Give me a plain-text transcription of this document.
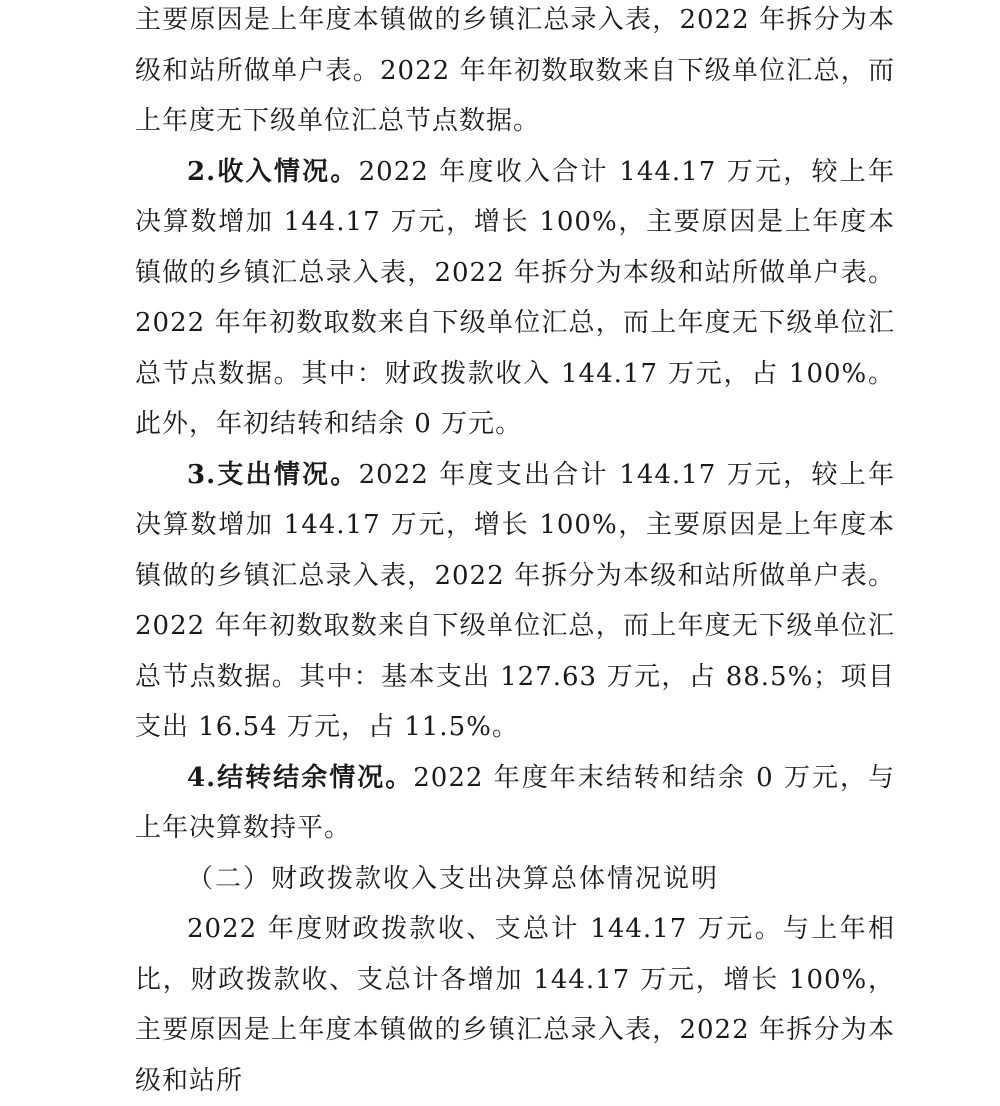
主要原因是上年度本镇做的乡镇汇总录入表，2022 年拆分为本级和站所做单户表。2022 年年初数取数来自下级单位汇总，而上年度无下级单位汇总节点数据。

2.收入情况。2022 年度收入合计 144.17 万元，较上年决算数增加 144.17 万元，增长 100%，主要原因是上年度本镇做的乡镇汇总录入表，2022 年拆分为本级和站所做单户表。2022 年年初数取数来自下级单位汇总，而上年度无下级单位汇总节点数据。其中：财政拨款收入 144.17 万元，占 100%。此外，年初结转和结余 0 万元。

3.支出情况。2022 年度支出合计 144.17 万元，较上年决算数增加 144.17 万元，增长 100%，主要原因是上年度本镇做的乡镇汇总录入表，2022 年拆分为本级和站所做单户表。2022 年年初数取数来自下级单位汇总，而上年度无下级单位汇总节点数据。其中：基本支出 127.63 万元，占 88.5%；项目支出 16.54 万元，占 11.5%。

4.结转结余情况。2022 年度年末结转和结余 0 万元，与上年决算数持平。

（二）财政拨款收入支出决算总体情况说明

2022 年度财政拨款收、支总计 144.17 万元。与上年相比，财政拨款收、支总计各增加 144.17 万元，增长 100%，主要原因是上年度本镇做的乡镇汇总录入表，2022 年拆分为本级和站所
